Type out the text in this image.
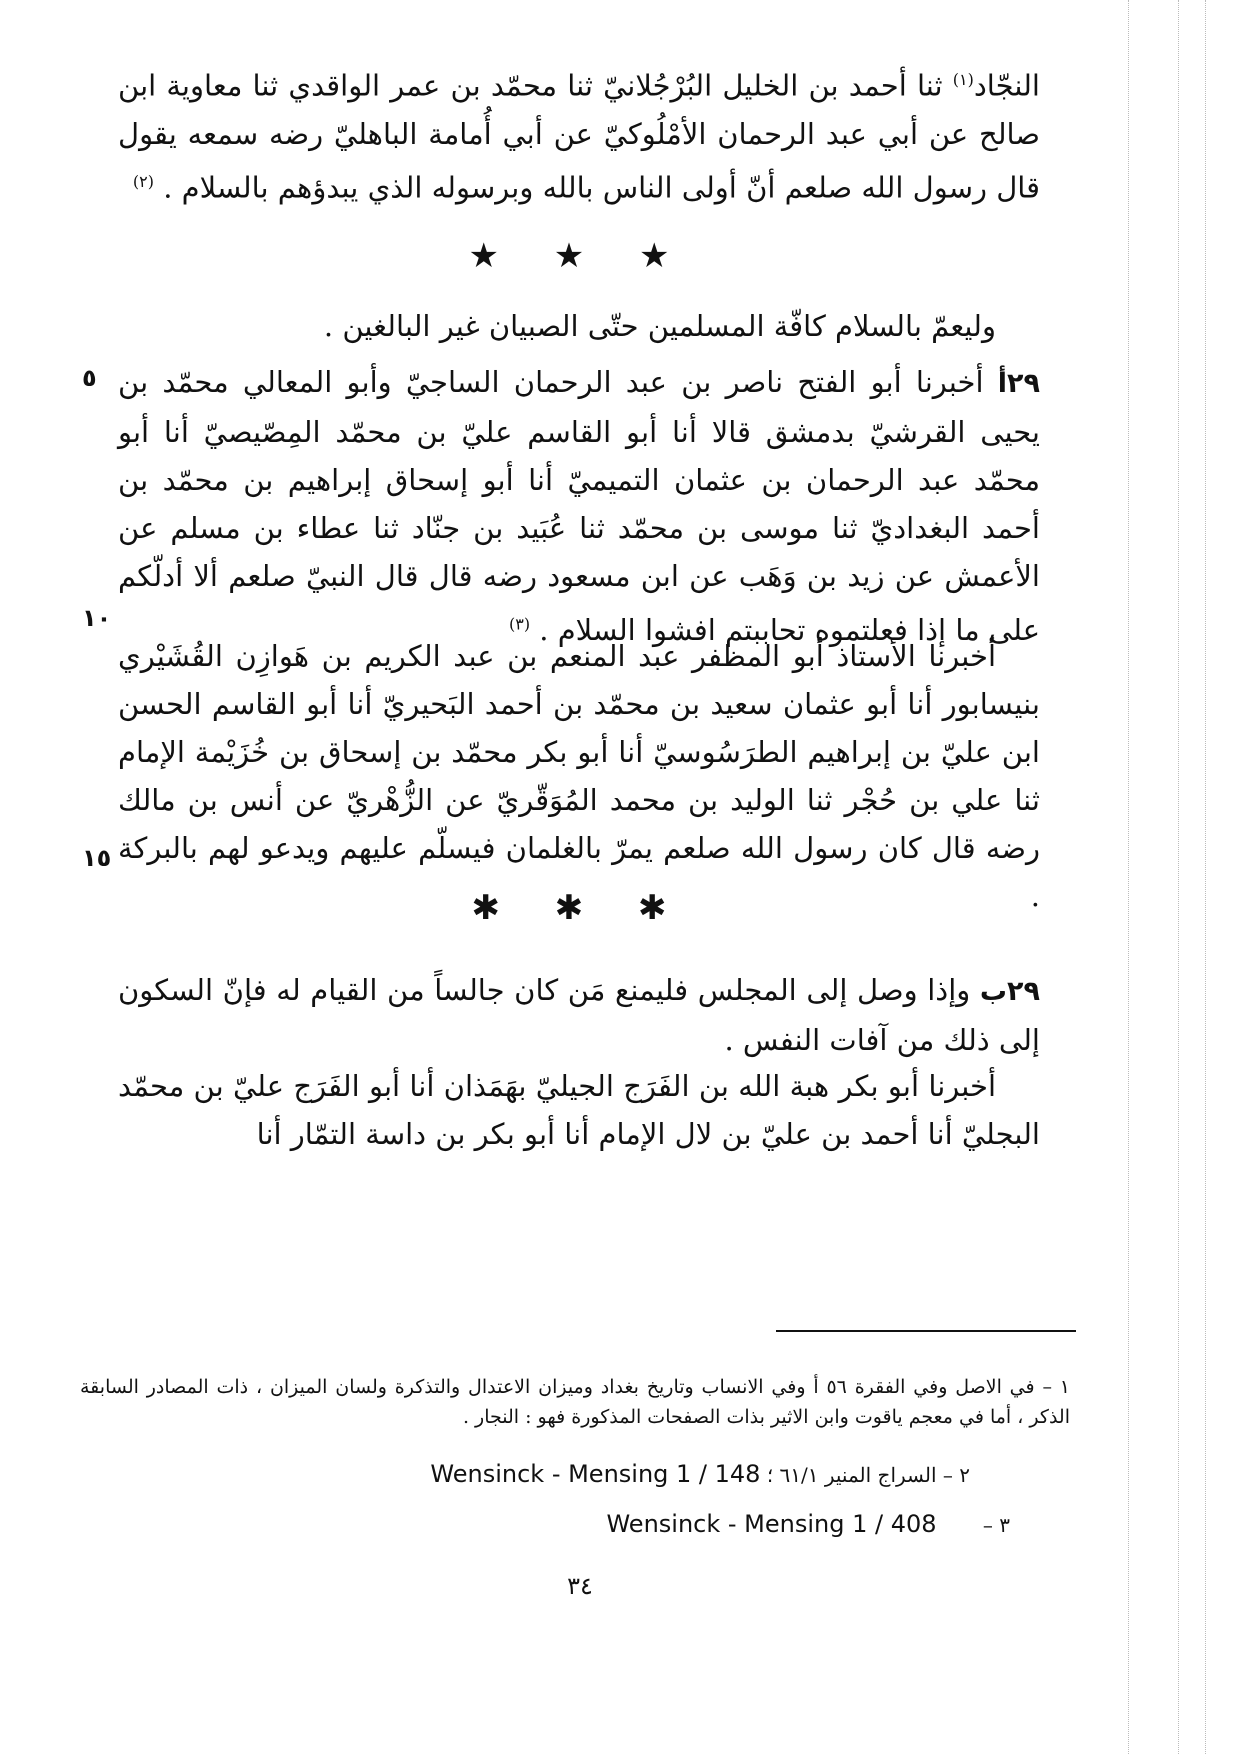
النجّاد$^{(١)}$ ثنا أحمد بن الخليل البُرْجُلانيّ ثنا محمّد بن عمر الواقدي ثنا معاوية ابن صالح عن أبي عبد الرحمان الأمْلُوكيّ عن أبي أُمامة الباهليّ رضه سمعه يقول قال رسول الله صلعم أنّ أولى الناس بالله وبرسوله الذي يبدؤهم بالسلام . $^{(٢)}$

★ ★ ★

وليعمّ بالسلام كافّة المسلمين حتّى الصبيان غير البالغين .

٢٩أ أخبرنا أبو الفتح ناصر بن عبد الرحمان الساجيّ وأبو المعالي محمّد بن يحيى القرشيّ بدمشق قالا أنا أبو القاسم عليّ بن محمّد المِصّيصيّ أنا أبو محمّد عبد الرحمان بن عثمان التميميّ أنا أبو إسحاق إبراهيم بن محمّد بن أحمد البغداديّ ثنا موسى بن محمّد ثنا عُبَيد بن جنّاد ثنا عطاء بن مسلم عن الأعمش عن زيد بن وَهَب عن ابن مسعود رضه قال قال النبيّ صلعم ألا أدلّكم على ما إذا فعلتموه تحاببتم افشوا السلام . $^{(٣)}$

أخبرنا الأستاذ أبو المظفر عبد المنعم بن عبد الكريم بن هَوازِن القُشَيْري بنيسابور أنا أبو عثمان سعيد بن محمّد بن أحمد البَحيريّ أنا أبو القاسم الحسن ابن عليّ بن إبراهيم الطرَسُوسيّ أنا أبو بكر محمّد بن إسحاق بن خُزَيْمة الإمام ثنا علي بن حُجْر ثنا الوليد بن محمد المُوَقّريّ عن الزُّهْريّ عن أنس بن مالك رضه قال كان رسول الله صلعم يمرّ بالغلمان فيسلّم عليهم ويدعو لهم بالبركة .

✱ ✱ ✱

٢٩ب وإذا وصل إلى المجلس فليمنع مَن كان جالساً من القيام له فإنّ السكون إلى ذلك من آفات النفس .

أخبرنا أبو بكر هبة الله بن الفَرَج الجيليّ بهَمَذان أنا أبو الفَرَج عليّ بن محمّد البجليّ أنا أحمد بن عليّ بن لال الإمام أنا أبو بكر بن داسة التمّار أنا

٥
١٠
١٥

١ – في الاصل وفي الفقرة ٥٦ أ وفي الانساب وتاريخ بغداد وميزان الاعتدال والتذكرة ولسان الميزان ، ذات المصادر السابقة الذكر ، أما في معجم ياقوت وابن الاثير بذات الصفحات المذكورة فهو : النجار .

٢ – السراج المنير ٦١/١ ؛ Wensinck - Mensing 1 / 148
٣ – Wensinck - Mensing 1 / 408
٣٤
